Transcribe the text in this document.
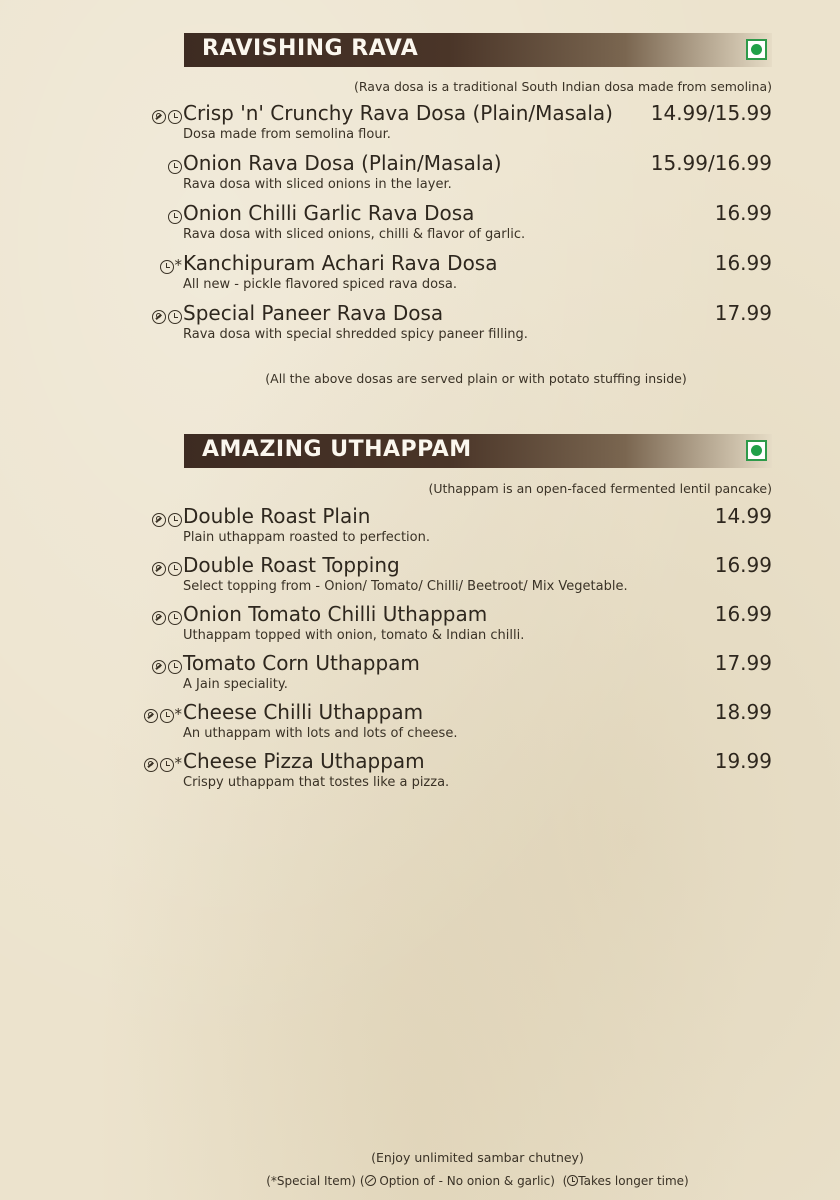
RAVISHING RAVA
(Rava dosa is a traditional South Indian dosa made from semolina)
Crisp 'n' Crunchy Rava Dosa (Plain/Masala)
Dosa made from semolina flour.
14.99/15.99
Onion Rava Dosa (Plain/Masala)
Rava dosa with sliced onions in the layer.
15.99/16.99
Onion Chilli Garlic Rava Dosa
Rava dosa with sliced onions, chilli & flavor of garlic.
16.99
* Kanchipuram Achari Rava Dosa
All new - pickle flavored spiced rava dosa.
16.99
Special Paneer Rava Dosa
Rava dosa with special shredded spicy paneer filling.
17.99
(All the above dosas are served plain or with potato stuffing inside)
AMAZING UTHAPPAM
(Uthappam is an open-faced fermented lentil pancake)
Double Roast Plain
Plain uthappam roasted to perfection.
14.99
Double Roast Topping
Select topping from - Onion/ Tomato/ Chilli/ Beetroot/ Mix Vegetable.
16.99
Onion Tomato Chilli Uthappam
Uthappam topped with onion, tomato & Indian chilli.
16.99
Tomato Corn Uthappam
A Jain speciality.
17.99
* Cheese Chilli Uthappam
An uthappam with lots and lots of cheese.
18.99
* Cheese Pizza Uthappam
Crispy uthappam that tostes like a pizza.
19.99
(Enjoy unlimited sambar chutney)
(*Special Item) ( Option of - No onion & garlic) ( Takes longer time)
